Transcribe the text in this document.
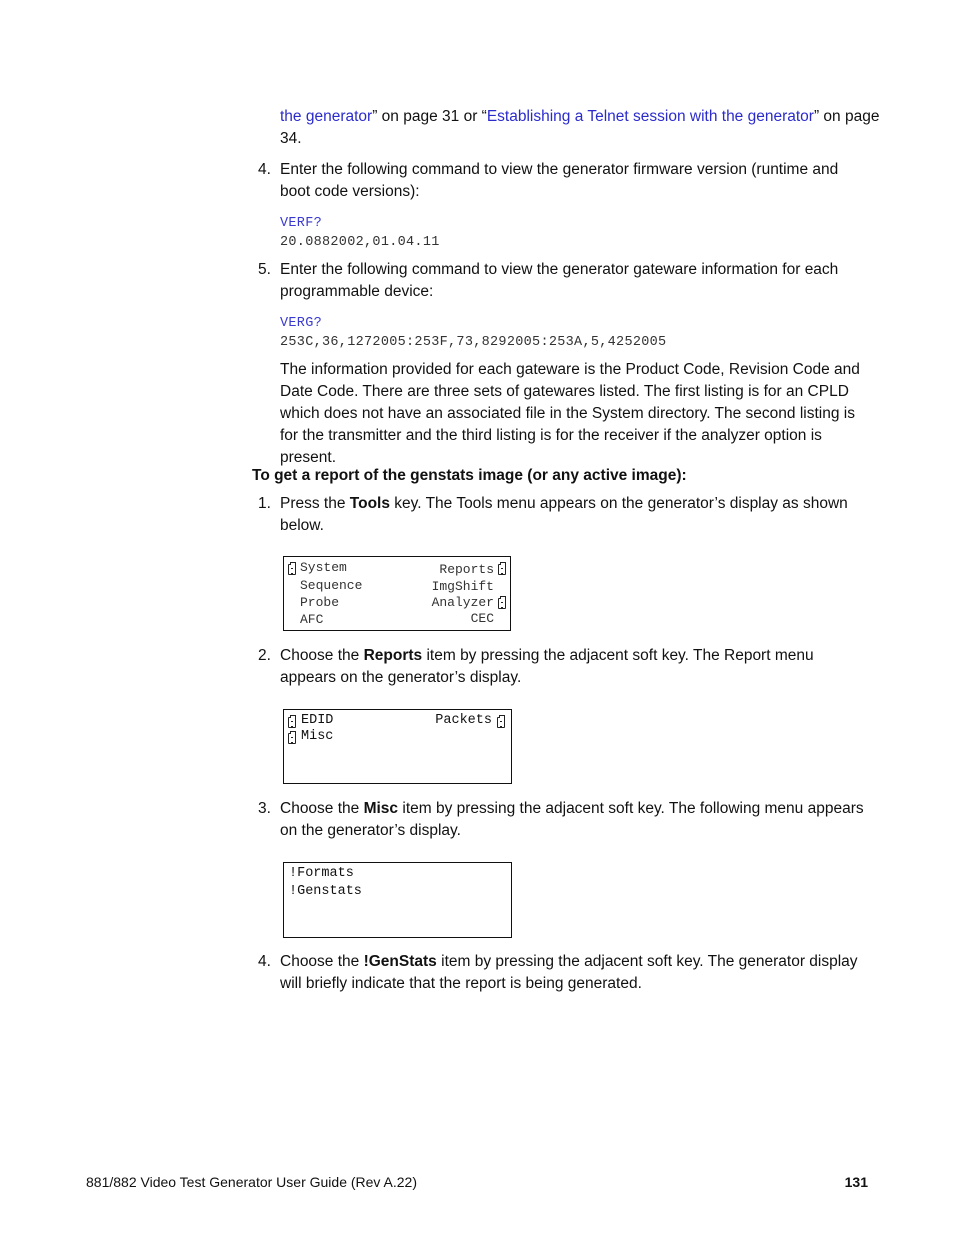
the generator” on page 31 or “Establishing a Telnet session with the generator” on page
34.

4. Enter the following command to view the generator firmware version (runtime and boot code versions):

VERF?
20.0882002,01.04.11
5. Enter the following command to view the generator gateware information for each programmable device:

VERG?
253C,36,1272005:253F,73,8292005:253A,5,4252005

The information provided for each gateware is the Product Code, Revision Code and Date Code. There are three sets of gatewares listed. The first listing is for an CPLD which does not have an associated file in the System directory. The second listing is for the transmitter and the third listing is for the receiver if the analyzer option is present.

To get a report of the genstats image (or any active image):
1. Press the Tools key. The Tools menu appears on the generator’s display as shown below.

System
Sequence
Probe
AFC
Reports
ImgShift
Analyzer
CEC
2. Choose the Reports item by pressing the adjacent soft key. The Report menu appears on the generator’s display.

EDID
Misc
Packets
3. Choose the Misc item by pressing the adjacent soft key. The following menu appears on the generator’s display.

!Formats
!Genstats
4. Choose the !GenStats item by pressing the adjacent soft key. The generator display will briefly indicate that the report is being generated.

881/882 Video Test Generator User Guide (Rev A.22)	131
